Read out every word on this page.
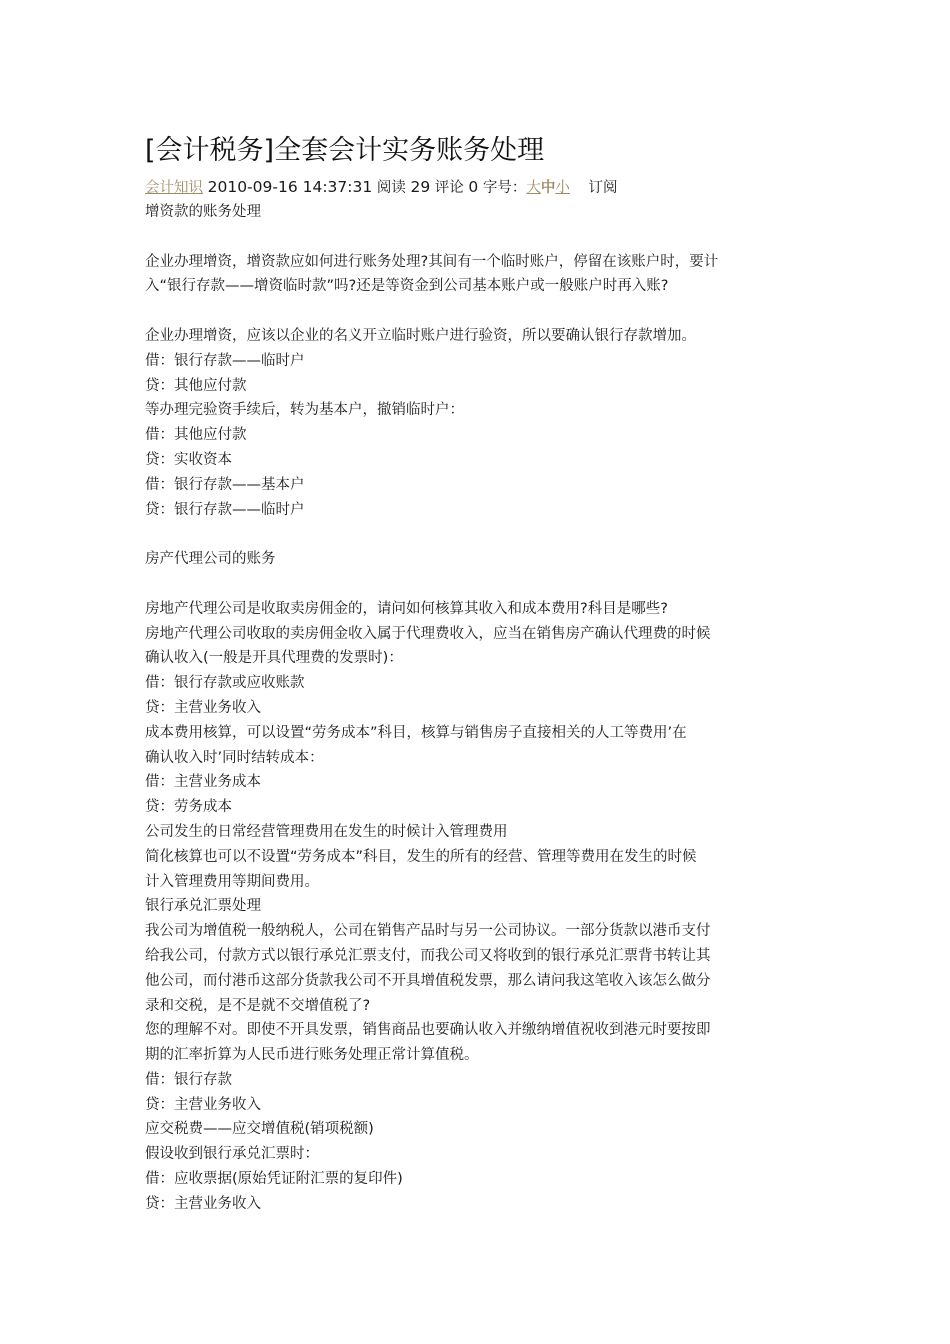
[会计税务]全套会计实务账务处理
会计知识 2010-09-16 14:37:31 阅读 29 评论 0 字号：大中小 订阅
增资款的账务处理
企业办理增资，增资款应如何进行账务处理?其间有一个临时账户，停留在该账户时，要计
入“银行存款——增资临时款”吗?还是等资金到公司基本账户或一般账户时再入账?
企业办理增资，应该以企业的名义开立临时账户进行验资，所以要确认银行存款增加。
借：银行存款——临时户
贷：其他应付款
等办理完验资手续后，转为基本户，撤销临时户：
借：其他应付款
贷：实收资本
借：银行存款——基本户
贷：银行存款——临时户
房产代理公司的账务
房地产代理公司是收取卖房佣金的，请问如何核算其收入和成本费用?科目是哪些?
房地产代理公司收取的卖房佣金收入属于代理费收入，应当在销售房产确认代理费的时候
确认收入(一般是开具代理费的发票时)：
借：银行存款或应收账款
贷：主营业务收入
成本费用核算，可以设置“劳务成本”科目，核算与销售房子直接相关的人工等费用’在
确认收入时’同时结转成本：
借：主营业务成本
贷：劳务成本
公司发生的日常经营管理费用在发生的时候计入管理费用
简化核算也可以不设置“劳务成本”科目，发生的所有的经营、管理等费用在发生的时候
计入管理费用等期间费用。
银行承兑汇票处理
我公司为增值税一般纳税人，公司在销售产品时与另一公司协议。一部分货款以港币支付
给我公司，付款方式以银行承兑汇票支付，而我公司又将收到的银行承兑汇票背书转让其
他公司，而付港币这部分货款我公司不开具增值税发票，那么请问我这笔收入该怎么做分
录和交税，是不是就不交增值税了?
您的理解不对。即使不开具发票，销售商品也要确认收入并缴纳增值祝收到港元时要按即
期的汇率折算为人民币进行账务处理正常计算值税。
借：银行存款
贷：主营业务收入
应交税费——应交增值税(销项税额)
假设收到银行承兑汇票时：
借：应收票据(原始凭证附汇票的复印件)
贷：主营业务收入
